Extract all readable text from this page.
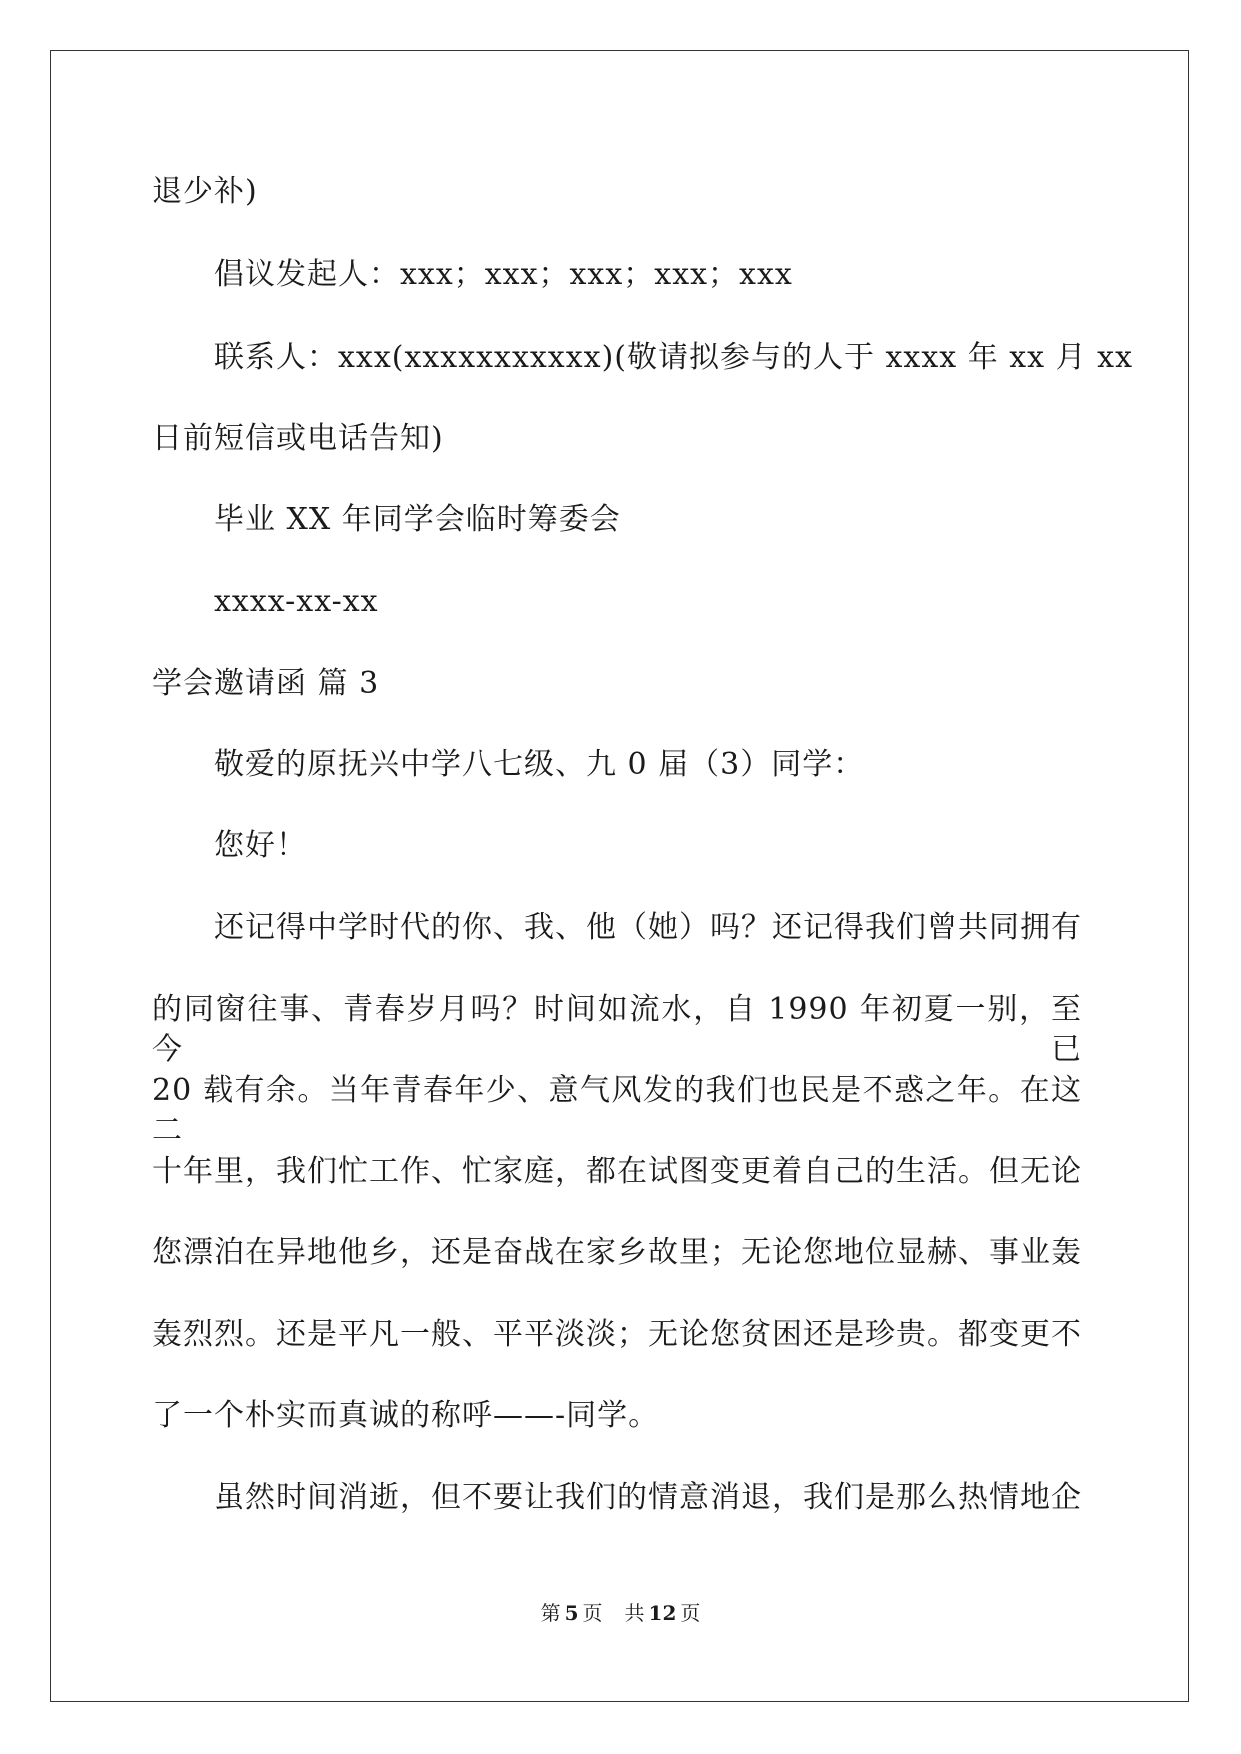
退少补)
倡议发起人：xxx；xxx；xxx；xxx；xxx
联系人：xxx(xxxxxxxxxxx)(敬请拟参与的人于 xxxx 年 xx 月 xx
日前短信或电话告知)
毕业 XX 年同学会临时筹委会
xxxx-xx-xx
学会邀请函 篇 3
敬爱的原抚兴中学八七级、九 0 届（3）同学：
您好！
还记得中学时代的你、我、他（她）吗？还记得我们曾共同拥有
的同窗往事、青春岁月吗？时间如流水，自 1990 年初夏一别，至今已
20 载有余。当年青春年少、意气风发的我们也民是不惑之年。在这二
十年里，我们忙工作、忙家庭，都在试图变更着自己的生活。但无论
您漂泊在异地他乡，还是奋战在家乡故里；无论您地位显赫、事业轰
轰烈烈。还是平凡一般、平平淡淡；无论您贫困还是珍贵。都变更不
了一个朴实而真诚的称呼——-同学。
虽然时间消逝，但不要让我们的情意消退，我们是那么热情地企
第 5 页 共 12 页
